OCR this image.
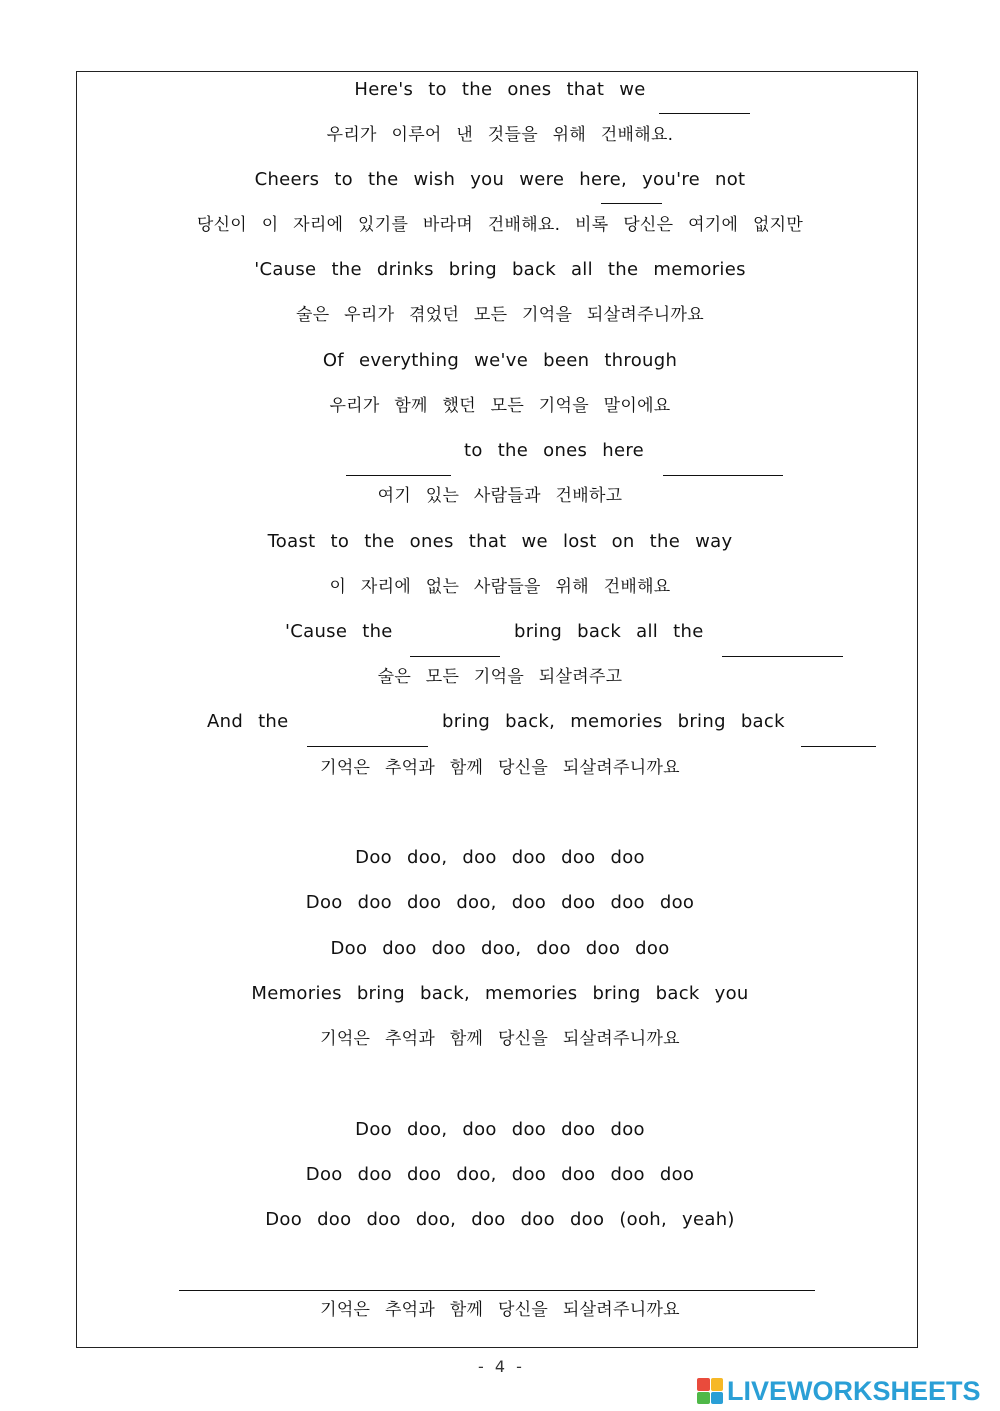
Here's to the ones that we
우리가 이루어 낸 것들을 위해 건배해요.
Cheers to the wish you were here, you're not
당신이 이 자리에 있기를 바라며 건배해요. 비록 당신은 여기에 없지만
'Cause the drinks bring back all the memories
술은 우리가 겪었던 모든 기억을 되살려주니까요
Of everything we've been through
우리가 함께 했던 모든 기억을 말이에요
to the ones here
여기 있는 사람들과 건배하고
Toast to the ones that we lost on the way
이 자리에 없는 사람들을 위해 건배해요
'Cause the	bring back all the
술은 모든 기억을 되살려주고
And the	bring back, memories bring back
기억은 추억과 함께 당신을 되살려주니까요
Doo doo, doo doo doo doo
Doo doo doo doo, doo doo doo doo
Doo doo doo doo, doo doo doo
Memories bring back, memories bring back you
기억은 추억과 함께 당신을 되살려주니까요
Doo doo, doo doo doo doo
Doo doo doo doo, doo doo doo doo
Doo doo doo doo, doo doo doo (ooh, yeah)
기억은 추억과 함께 당신을 되살려주니까요
- 4 -
LIVEWORKSHEETS
